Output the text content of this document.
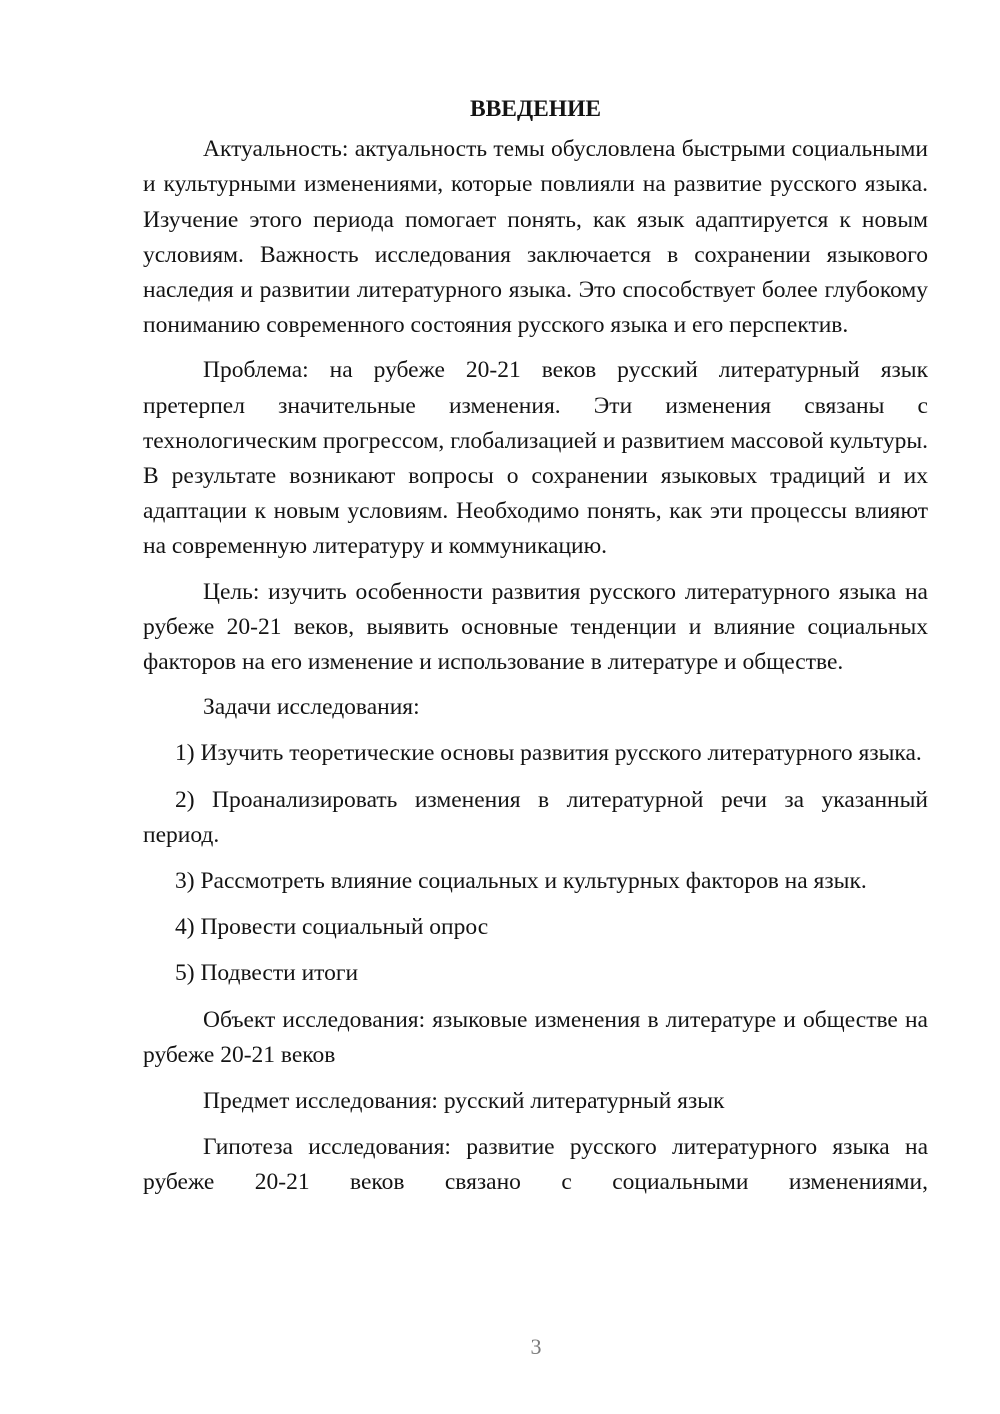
ВВЕДЕНИЕ

Актуальность: актуальность темы обусловлена быстрыми социальными и культурными изменениями, которые повлияли на развитие русского языка. Изучение этого периода помогает понять, как язык адаптируется к новым условиям. Важность исследования заключается в сохранении языкового наследия и развитии литературного языка. Это способствует более глубокому пониманию современного состояния русского языка и его перспектив.

Проблема: на рубеже 20-21 веков русский литературный язык претерпел значительные изменения. Эти изменения связаны с технологическим прогрессом, глобализацией и развитием массовой культуры. В результате возникают вопросы о сохранении языковых традиций и их адаптации к новым условиям. Необходимо понять, как эти процессы влияют на современную литературу и коммуникацию.

Цель: изучить особенности развития русского литературного языка на рубеже 20-21 веков, выявить основные тенденции и влияние социальных факторов на его изменение и использование в литературе и обществе.

Задачи исследования:

1) Изучить теоретические основы развития русского литературного языка.

2) Проанализировать изменения в литературной речи за указанный период.

3) Рассмотреть влияние социальных и культурных факторов на язык.

4) Провести социальный опрос

5) Подвести итоги

Объект исследования: языковые изменения в литературе и обществе на рубеже 20-21 веков

Предмет исследования: русский литературный язык

Гипотеза исследования: развитие русского литературного языка на рубеже 20-21 веков связано с социальными изменениями,

3
